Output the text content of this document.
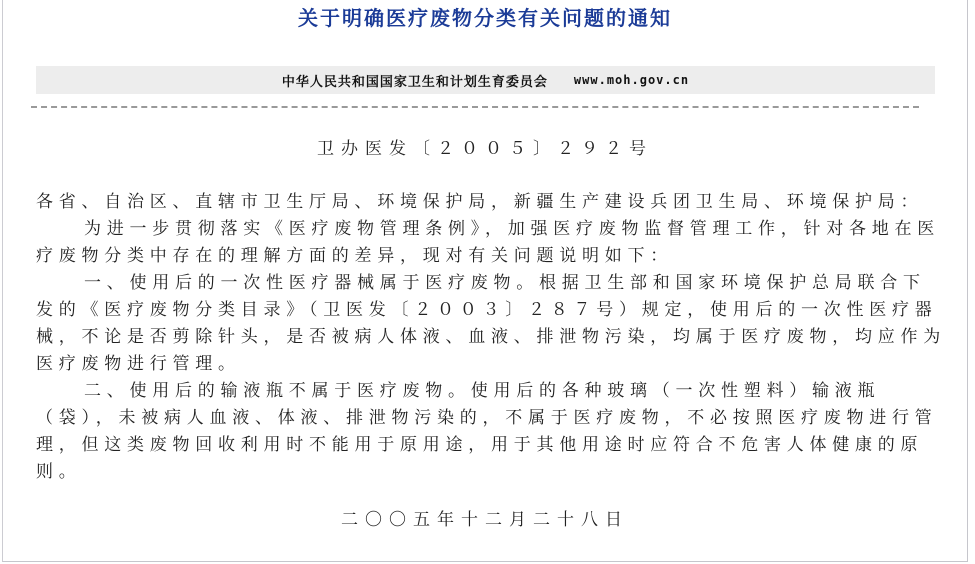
关于明确医疗废物分类有关问题的通知
中华人民共和国国家卫生和计划生育委员会 www.moh.gov.cn
卫办医发〔２００５〕２９２号

各省、自治区、直辖市卫生厅局、环境保护局，新疆生产建设兵团卫生局、环境保护局：

为进一步贯彻落实《医疗废物管理条例》，加强医疗废物监督管理工作，针对各地在医疗废物分类中存在的理解方面的差异，现对有关问题说明如下：

一、使用后的一次性医疗器械属于医疗废物。根据卫生部和国家环境保护总局联合下发的《医疗废物分类目录》（卫医发〔２００３〕２８７号）规定，使用后的一次性医疗器械，不论是否剪除针头，是否被病人体液、血液、排泄物污染，均属于医疗废物，均应作为医疗废物进行管理。

二、使用后的输液瓶不属于医疗废物。使用后的各种玻璃（一次性塑料）输液瓶（袋），未被病人血液、体液、排泄物污染的，不属于医疗废物，不必按照医疗废物进行管理，但这类废物回收利用时不能用于原用途，用于其他用途时应符合不危害人体健康的原则。

二〇〇五年十二月二十八日
